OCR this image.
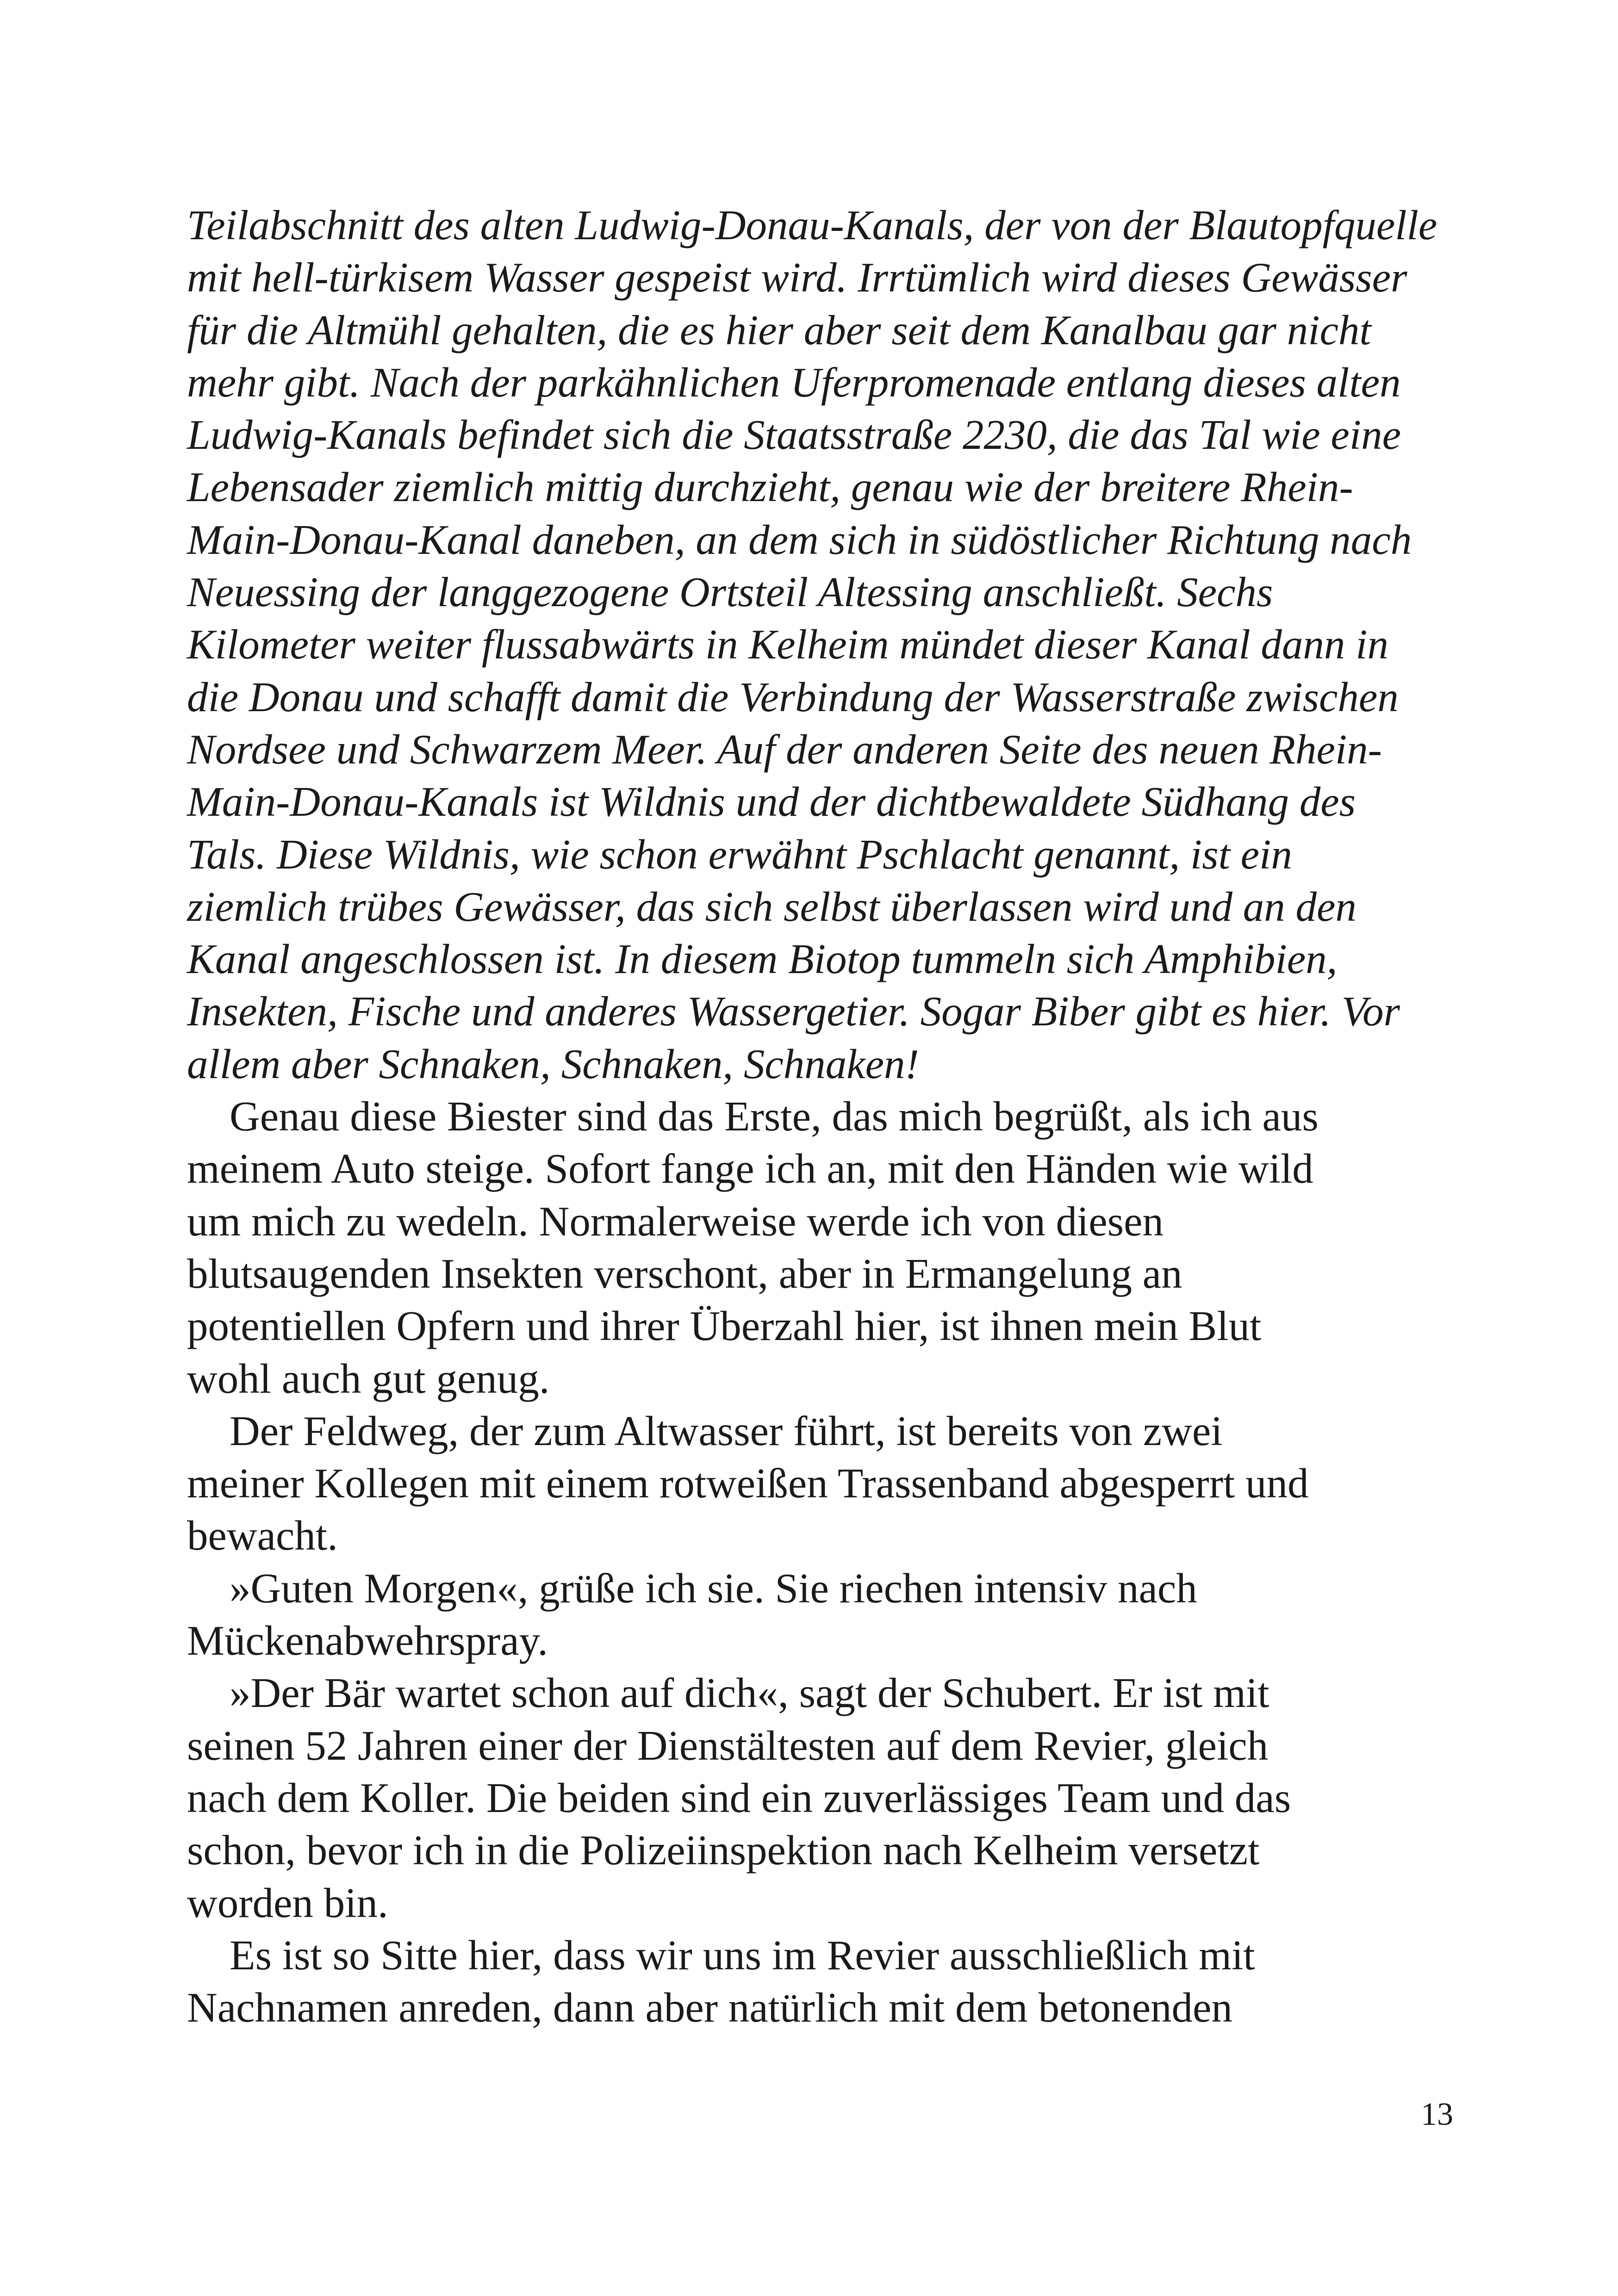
Teilabschnitt des alten Ludwig-Donau-Kanals, der von der Blautopfquelle
mit hell-türkisem Wasser gespeist wird. Irrtümlich wird dieses Gewässer
für die Altmühl gehalten, die es hier aber seit dem Kanalbau gar nicht
mehr gibt. Nach der parkähnlichen Uferpromenade entlang dieses alten
Ludwig-Kanals befindet sich die Staatsstraße 2230, die das Tal wie eine
Lebensader ziemlich mittig durchzieht, genau wie der breitere Rhein-
Main-Donau-Kanal daneben, an dem sich in südöstlicher Richtung nach
Neuessing der langgezogene Ortsteil Altessing anschließt. Sechs
Kilometer weiter flussabwärts in Kelheim mündet dieser Kanal dann in
die Donau und schafft damit die Verbindung der Wasserstraße zwischen
Nordsee und Schwarzem Meer. Auf der anderen Seite des neuen Rhein-
Main-Donau-Kanals ist Wildnis und der dichtbewaldete Südhang des
Tals. Diese Wildnis, wie schon erwähnt Pschlacht genannt, ist ein
ziemlich trübes Gewässer, das sich selbst überlassen wird und an den
Kanal angeschlossen ist. In diesem Biotop tummeln sich Amphibien,
Insekten, Fische und anderes Wassergetier. Sogar Biber gibt es hier. Vor
allem aber Schnaken, Schnaken, Schnaken!
Genau diese Biester sind das Erste, das mich begrüßt, als ich aus
meinem Auto steige. Sofort fange ich an, mit den Händen wie wild
um mich zu wedeln. Normalerweise werde ich von diesen
blutsaugenden Insekten verschont, aber in Ermangelung an
potentiellen Opfern und ihrer Überzahl hier, ist ihnen mein Blut
wohl auch gut genug.
Der Feldweg, der zum Altwasser führt, ist bereits von zwei
meiner Kollegen mit einem rotweißen Trassenband abgesperrt und
bewacht.
»Guten Morgen«, grüße ich sie. Sie riechen intensiv nach
Mückenabwehrspray.
»Der Bär wartet schon auf dich«, sagt der Schubert. Er ist mit
seinen 52 Jahren einer der Dienstältesten auf dem Revier, gleich
nach dem Koller. Die beiden sind ein zuverlässiges Team und das
schon, bevor ich in die Polizeiinspektion nach Kelheim versetzt
worden bin.
Es ist so Sitte hier, dass wir uns im Revier ausschließlich mit
Nachnamen anreden, dann aber natürlich mit dem betonenden
13
